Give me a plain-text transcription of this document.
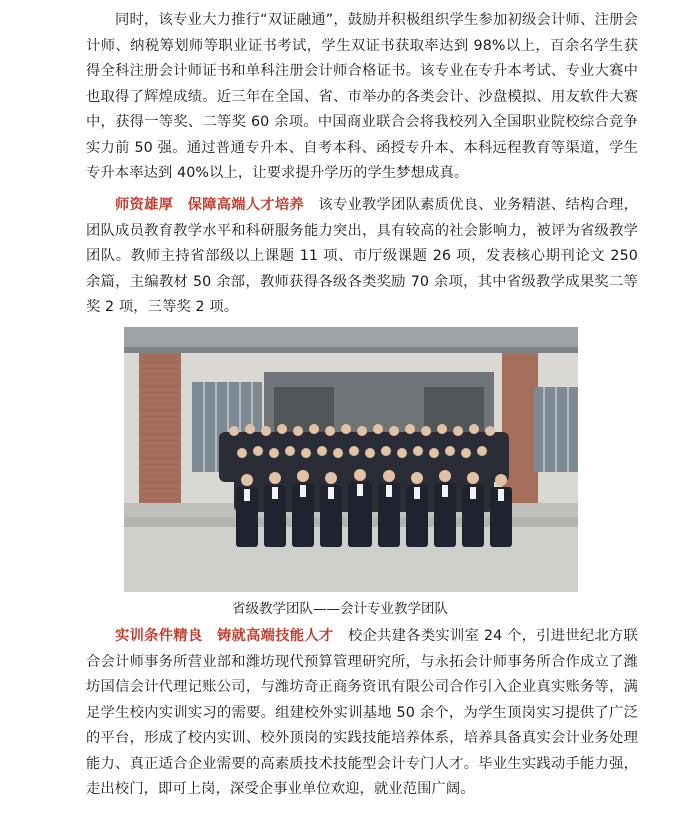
同时，该专业大力推行“双证融通”，鼓励并积极组织学生参加初级会计师、注册会计师、纳税筹划师等职业证书考试，学生双证书获取率达到 98%以上，百余名学生获得全科注册会计师证书和单科注册会计师合格证书。该专业在专升本考试、专业大赛中也取得了辉煌成绩。近三年在全国、省、市举办的各类会计、沙盘模拟、用友软件大赛中，获得一等奖、二等奖 60 余项。中国商业联合会将我校列入全国职业院校综合竞争实力前 50 强。通过普通专升本、自考本科、函授专升本、本科远程教育等渠道，学生专升本率达到 40%以上，让要求提升学历的学生梦想成真。

师资雄厚　保障高端人才培养　该专业教学团队素质优良、业务精湛、结构合理，团队成员教育教学水平和科研服务能力突出，具有较高的社会影响力，被评为省级教学团队。教师主持省部级以上课题 11 项、市厅级课题 26 项，发表核心期刊论文 250 余篇，主编教材 50 余部，教师获得各级各类奖励 70 余项，其中省级教学成果奖二等奖 2 项，三等奖 2 项。

省级教学团队——会计专业教学团队

实训条件精良　铸就高端技能人才　校企共建各类实训室 24 个，引进世纪北方联合会计师事务所营业部和潍坊现代预算管理研究所，与永拓会计师事务所合作成立了潍坊国信会计代理记账公司，与潍坊奇正商务资讯有限公司合作引入企业真实账务等，满足学生校内实训实习的需要。组建校外实训基地 50 余个，为学生顶岗实习提供了广泛的平台，形成了校内实训、校外顶岗的实践技能培养体系，培养具备真实会计业务处理能力、真正适合企业需要的高素质技术技能型会计专门人才。毕业生实践动手能力强，走出校门，即可上岗，深受企事业单位欢迎，就业范围广阔。
